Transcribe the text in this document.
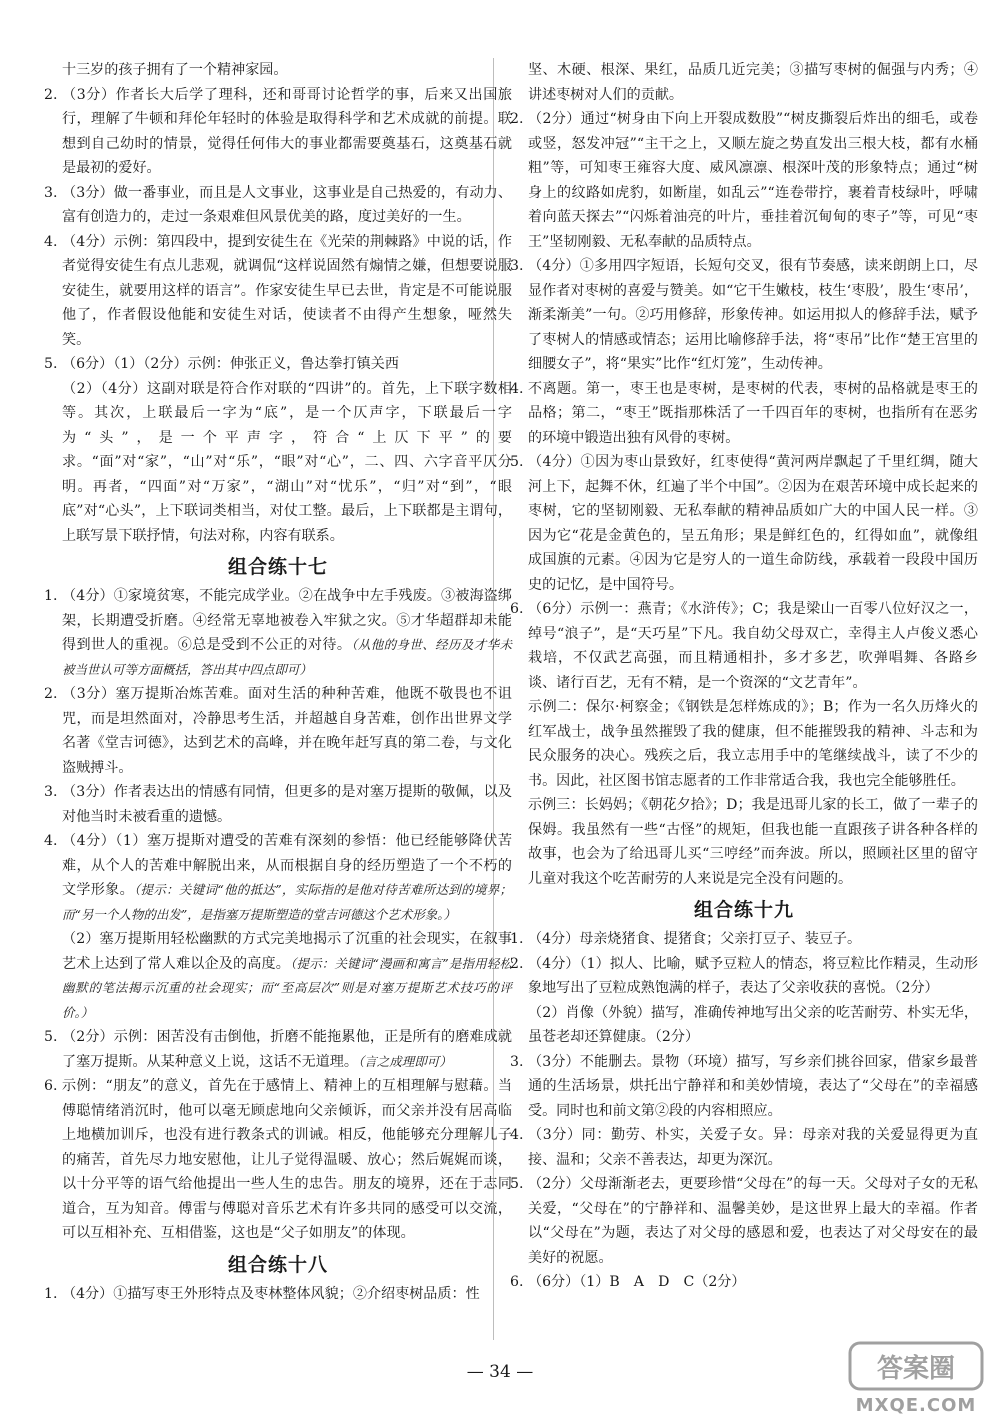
十三岁的孩子拥有了一个精神家园。
2. （3分）作者长大后学了理科，还和哥哥讨论哲学的事，后来又出国旅行，理解了牛顿和拜伦年轻时的体验是取得科学和艺术成就的前提。联想到自己幼时的情景，觉得任何伟大的事业都需要奠基石，这奠基石就是最初的爱好。
3. （3分）做一番事业，而且是人文事业，这事业是自己热爱的，有动力、富有创造力的，走过一条艰难但风景优美的路，度过美好的一生。
4. （4分）示例：第四段中，提到安徒生在《光荣的荆棘路》中说的话，作者觉得安徒生有点儿悲观，就调侃“这样说固然有煽情之嫌，但想要说服安徒生，就要用这样的语言”。作家安徒生早已去世，肯定是不可能说服他了，作者假设他能和安徒生对话，使读者不由得产生想象，哑然失笑。
5. （6分）（1）（2分）示例：伸张正义，鲁达拳打镇关西
（2）（4分）这副对联是符合作对联的“四讲”的。首先，上下联字数相等。其次，上联最后一字为“底”，是一个仄声字，下联最后一字为“头”，是一个平声字，符合“上仄下平”的要求。“面”对“家”，“山”对“乐”，“眼”对“心”，二、四、六字音平仄分明。再者，“四面”对“万家”，“湖山”对“忧乐”，“归”对“到”，“眼底”对“心头”，上下联词类相当，对仗工整。最后，上下联都是主谓句，上联写景下联抒情，句法对称，内容有联系。
组合练十七
1. （4分）①家境贫寒，不能完成学业。②在战争中左手残废。③被海盗绑架，长期遭受折磨。④经常无辜地被卷入牢狱之灾。⑤才华超群却未能得到世人的重视。⑥总是受到不公正的对待。（从他的身世、经历及才华未被当世认可等方面概括，答出其中四点即可）
2. （3分）塞万提斯冶炼苦难。面对生活的种种苦难，他既不敬畏也不诅咒，而是坦然面对，冷静思考生活，并超越自身苦难，创作出世界文学名著《堂吉诃德》，达到艺术的高峰，并在晚年赶写真的第二卷，与文化盗贼搏斗。
3. （3分）作者表达出的情感有同情，但更多的是对塞万提斯的敬佩，以及对他当时未被看重的遗憾。
4. （4分）（1）塞万提斯对遭受的苦难有深刻的参悟：他已经能够降伏苦难，从个人的苦难中解脱出来，从而根据自身的经历塑造了一个不朽的文学形象。（提示：关键词“他的抵达”，实际指的是他对待苦难所达到的境界；而“另一个人物的出发”，是指塞万提斯塑造的堂吉诃德这个艺术形象。）
（2）塞万提斯用轻松幽默的方式完美地揭示了沉重的社会现实，在叙事艺术上达到了常人难以企及的高度。（提示：关键词“漫画和寓言”是指用轻松幽默的笔法揭示沉重的社会现实；而“至高层次”则是对塞万提斯艺术技巧的评价。）
5. （2分）示例：困苦没有击倒他，折磨不能拖累他，正是所有的磨难成就了塞万提斯。从某种意义上说，这话不无道理。（言之成理即可）
6. 示例：“朋友”的意义，首先在于感情上、精神上的互相理解与慰藉。当傅聪情绪消沉时，他可以毫无顾虑地向父亲倾诉，而父亲并没有居高临上地横加训斥，也没有进行教条式的训诫。相反，他能够充分理解儿子的痛苦，首先尽力地安慰他，让儿子觉得温暖、放心；然后娓娓而谈，以十分平等的语气给他提出一些人生的忠告。朋友的境界，还在于志同道合，互为知音。傅雷与傅聪对音乐艺术有许多共同的感受可以交流，可以互相补充、互相借鉴，这也是“父子如朋友”的体现。
组合练十八
1. （4分）①描写枣王外形特点及枣林整体风貌；②介绍枣树品质：性
坚、木硬、根深、果红，品质几近完美；③描写枣树的倔强与内秀；④讲述枣树对人们的贡献。
2. （2分）通过“树身由下向上开裂成数股”“树皮撕裂后炸出的细毛，或卷或竖，怒发冲冠”“主干之上，又顺左旋之势直发出三根大枝，都有水桶粗”等，可知枣王雍容大度、威风凛凛、根深叶茂的形象特点；通过“树身上的纹路如虎豹，如断崖，如乱云”“连卷带拧，裹着青枝绿叶，呼啸着向蓝天探去”“闪烁着油亮的叶片，垂挂着沉甸甸的枣子”等，可见“枣王”坚韧刚毅、无私奉献的品质特点。
3. （4分）①多用四字短语，长短句交叉，很有节奏感，读来朗朗上口，尽显作者对枣树的喜爱与赞美。如“它干生嫩枝，枝生‘枣股’，股生‘枣吊’，渐柔渐美”一句。②巧用修辞，形象传神。如运用拟人的修辞手法，赋予了枣树人的情感或情态；运用比喻修辞手法，将“枣吊”比作“楚王宫里的细腰女子”，将“果实”比作“红灯笼”，生动传神。
4. 不离题。第一，枣王也是枣树，是枣树的代表，枣树的品格就是枣王的品格；第二，“枣王”既指那株活了一千四百年的枣树，也指所有在恶劣的环境中锻造出独有风骨的枣树。
5. （4分）①因为枣山景致好，红枣使得“黄河两岸飘起了千里红绸，随大河上下，起舞不休，红遍了半个中国”。②因为在艰苦环境中成长起来的枣树，它的坚韧刚毅、无私奉献的精神品质如广大的中国人民一样。③因为它“花是金黄色的，呈五角形；果是鲜红色的，红得如血”，就像组成国旗的元素。④因为它是穷人的一道生命防线，承载着一段段中国历史的记忆，是中国符号。
6. （6分）示例一：燕青；《水浒传》；C；我是梁山一百零八位好汉之一，绰号“浪子”，是“天巧星”下凡。我自幼父母双亡，幸得主人卢俊义悉心栽培，不仅武艺高强，而且精通相扑，多才多艺，吹弹唱舞、各路乡谈、诸行百艺，无有不精，是一个资深的“文艺青年”。
示例二：保尔·柯察金；《钢铁是怎样炼成的》；B；作为一名久历烽火的红军战士，战争虽然摧毁了我的健康，但不能摧毁我的精神、斗志和为民众服务的决心。残疾之后，我立志用手中的笔继续战斗，读了不少的书。因此，社区图书馆志愿者的工作非常适合我，我也完全能够胜任。
示例三：长妈妈；《朝花夕拾》；D；我是迅哥儿家的长工，做了一辈子的保姆。我虽然有一些“古怪”的规矩，但我也能一直跟孩子讲各种各样的故事，也会为了给迅哥儿买“三哼经”而奔波。所以，照顾社区里的留守儿童对我这个吃苦耐劳的人来说是完全没有问题的。
组合练十九
1. （4分）母亲烧猪食、提猪食；父亲打豆子、装豆子。
2. （4分）（1）拟人、比喻，赋予豆粒人的情态，将豆粒比作精灵，生动形象地写出了豆粒成熟饱满的样子，表达了父亲收获的喜悦。（2分）
（2）肖像（外貌）描写，准确传神地写出父亲的吃苦耐劳、朴实无华，虽苍老却还算健康。（2分）
3. （3分）不能删去。景物（环境）描写，写乡亲们挑谷回家，借家乡最普通的生活场景，烘托出宁静祥和和美妙情境，表达了“父母在”的幸福感受。同时也和前文第②段的内容相照应。
4. （3分）同：勤劳、朴实，关爱子女。异：母亲对我的关爱显得更为直接、温和；父亲不善表达，却更为深沉。
5. （2分）父母渐渐老去，更要珍惜“父母在”的每一天。父母对子女的无私关爱，“父母在”的宁静祥和、温馨美妙，是这世界上最大的幸福。作者以“父母在”为题，表达了对父母的感恩和爱，也表达了对父母安在的最美好的祝愿。
6. （6分）（1）B　A　D　C（2分）
— 34 —	答案圈
MXQE.COM
